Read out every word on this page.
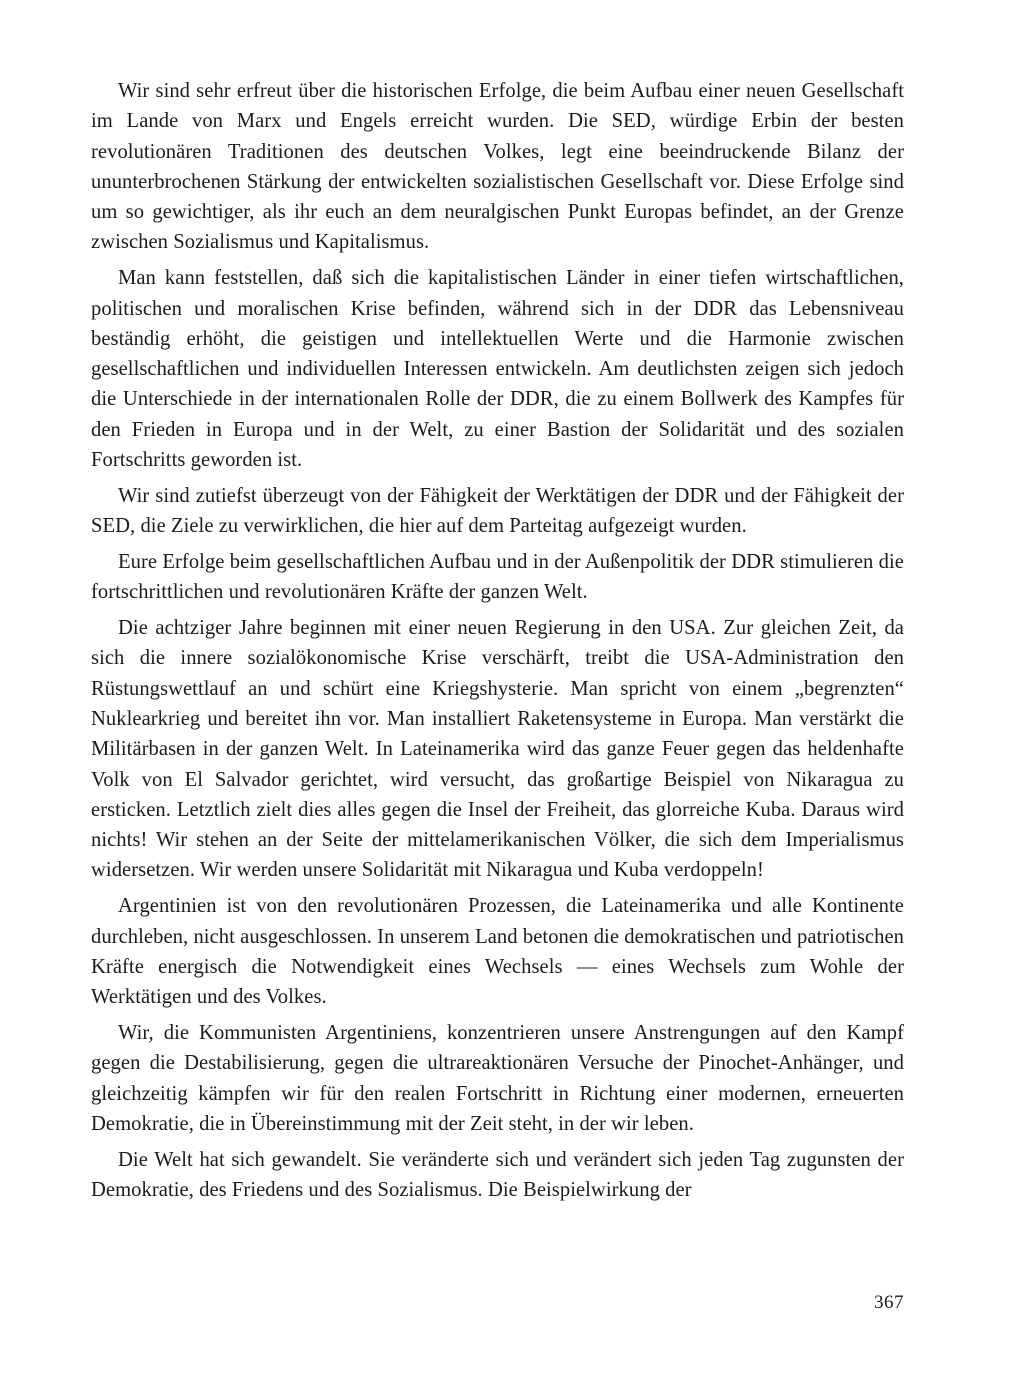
Wir sind sehr erfreut über die historischen Erfolge, die beim Aufbau einer neuen Gesellschaft im Lande von Marx und Engels erreicht wurden. Die SED, würdige Erbin der besten revolutionären Traditionen des deutschen Volkes, legt eine beeindruckende Bilanz der ununterbrochenen Stärkung der entwickelten sozialistischen Gesellschaft vor. Diese Erfolge sind um so gewichtiger, als ihr euch an dem neuralgischen Punkt Europas befindet, an der Grenze zwischen Sozialismus und Kapitalismus.

Man kann feststellen, daß sich die kapitalistischen Länder in einer tiefen wirtschaftlichen, politischen und moralischen Krise befinden, während sich in der DDR das Lebensniveau beständig erhöht, die geistigen und intellektuellen Werte und die Harmonie zwischen gesellschaftlichen und individuellen Interessen entwickeln. Am deutlichsten zeigen sich jedoch die Unterschiede in der internationalen Rolle der DDR, die zu einem Bollwerk des Kampfes für den Frieden in Europa und in der Welt, zu einer Bastion der Solidarität und des sozialen Fortschritts geworden ist.

Wir sind zutiefst überzeugt von der Fähigkeit der Werktätigen der DDR und der Fähigkeit der SED, die Ziele zu verwirklichen, die hier auf dem Parteitag aufgezeigt wurden.

Eure Erfolge beim gesellschaftlichen Aufbau und in der Außenpolitik der DDR stimulieren die fortschrittlichen und revolutionären Kräfte der ganzen Welt.

Die achtziger Jahre beginnen mit einer neuen Regierung in den USA. Zur gleichen Zeit, da sich die innere sozialökonomische Krise verschärft, treibt die USA-Administration den Rüstungswettlauf an und schürt eine Kriegshysterie. Man spricht von einem „begrenzten“ Nuklearkrieg und bereitet ihn vor. Man installiert Raketensysteme in Europa. Man verstärkt die Militärbasen in der ganzen Welt. In Lateinamerika wird das ganze Feuer gegen das heldenhafte Volk von El Salvador gerichtet, wird versucht, das großartige Beispiel von Nikaragua zu ersticken. Letztlich zielt dies alles gegen die Insel der Freiheit, das glorreiche Kuba. Daraus wird nichts! Wir stehen an der Seite der mittelamerikanischen Völker, die sich dem Imperialismus widersetzen. Wir werden unsere Solidarität mit Nikaragua und Kuba verdoppeln!

Argentinien ist von den revolutionären Prozessen, die Lateinamerika und alle Kontinente durchleben, nicht ausgeschlossen. In unserem Land betonen die demokratischen und patriotischen Kräfte energisch die Notwendigkeit eines Wechsels — eines Wechsels zum Wohle der Werktätigen und des Volkes.

Wir, die Kommunisten Argentiniens, konzentrieren unsere Anstrengungen auf den Kampf gegen die Destabilisierung, gegen die ultrareaktionären Versuche der Pinochet-Anhänger, und gleichzeitig kämpfen wir für den realen Fortschritt in Richtung einer modernen, erneuerten Demokratie, die in Übereinstimmung mit der Zeit steht, in der wir leben.

Die Welt hat sich gewandelt. Sie veränderte sich und verändert sich jeden Tag zugunsten der Demokratie, des Friedens und des Sozialismus. Die Beispielwirkung der

367
